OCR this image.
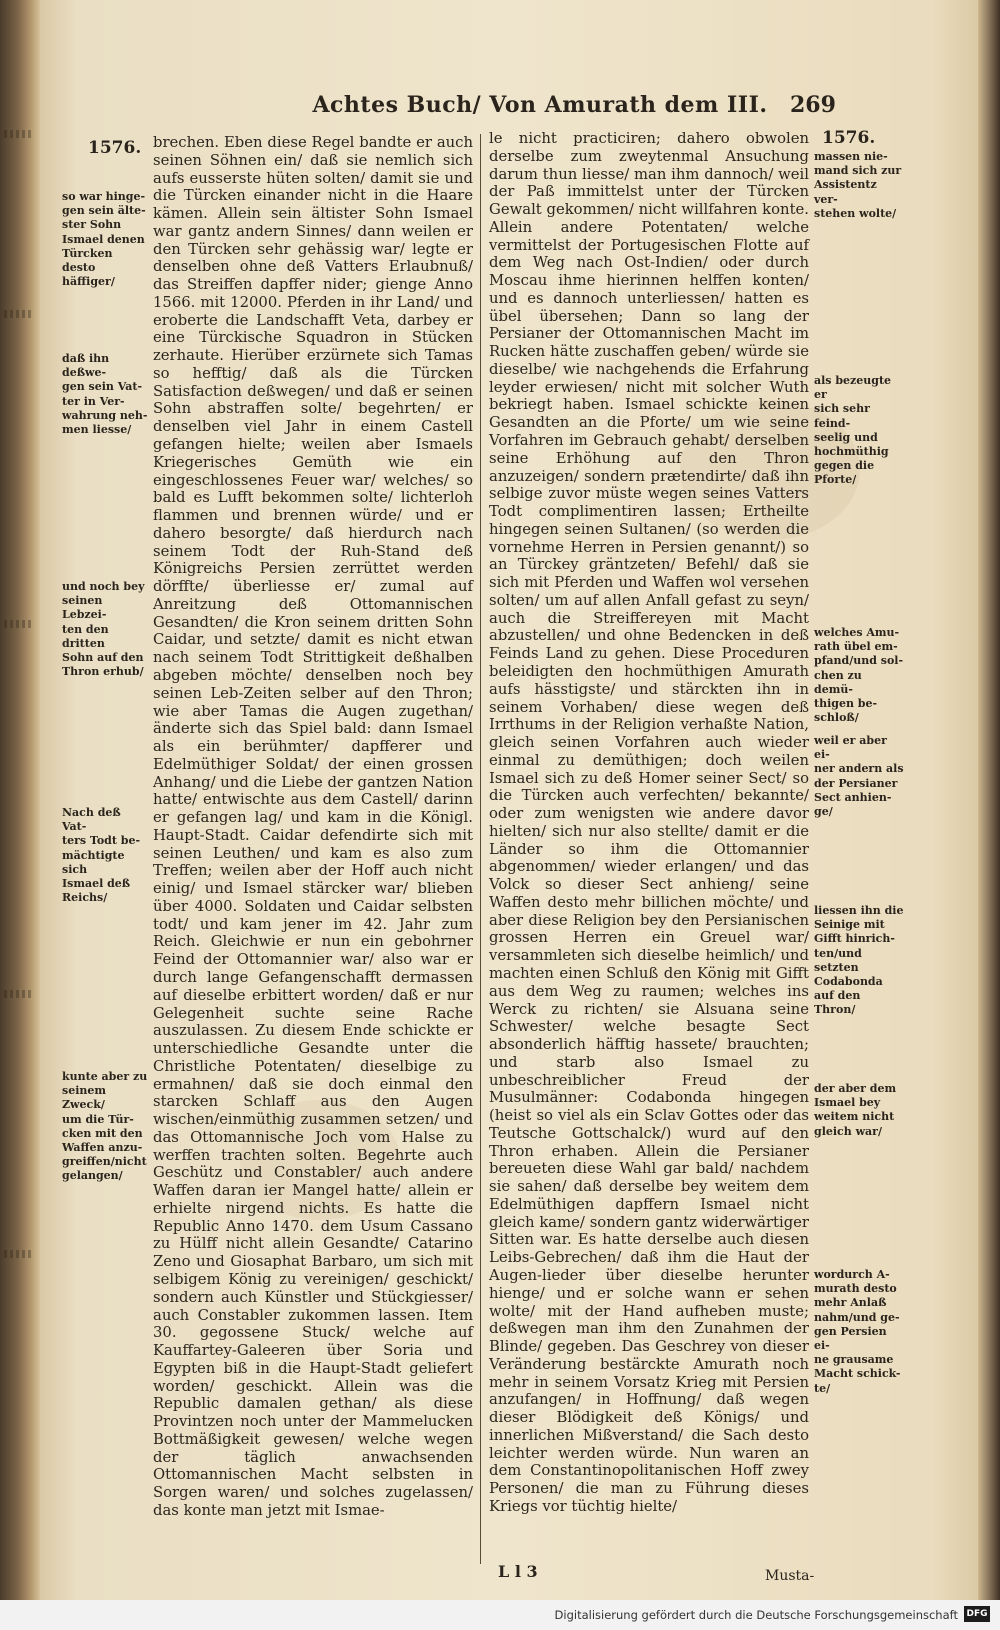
Achtes Buch/ Von Amurath dem III.	269
1576.	1576.
so war hinge-
gen sein älte-
ster Sohn
Ismael denen
Türcken desto
häffiger/
daß ihn deßwe-
gen sein Vat-
ter in Ver-
wahrung neh-
men liesse/
und noch bey
seinen Lebzei-
ten den dritten
Sohn auf den
Thron erhub/
Nach deß Vat-
ters Todt be-
mächtigte sich
Ismael deß
Reichs/
kunte aber zu
seinem Zweck/
um die Tür-
cken mit den
Waffen anzu-
greiffen/nicht
gelangen/
massen nie-
mand sich zur
Assistentz ver-
stehen wolte/
als bezeugte er
sich sehr feind-
seelig und
hochmüthig
gegen die
Pforte/
welches Amu-
rath übel em-
pfand/und sol-
chen zu demü-
thigen be-
schloß/
weil er aber ei-
ner andern als
der Persianer
Sect anhien-
ge/
liessen ihn die
Seinige mit
Gifft hinrich-
ten/und setzten
Codabonda
auf den Thron/
der aber dem
Ismael bey
weitem nicht
gleich war/
wordurch A-
murath desto
mehr Anlaß
nahm/und ge-
gen Persien ei-
ne grausame
Macht schick-
te/

brechen. Eben diese Regel bandte er auch seinen Söhnen ein/ daß sie nemlich sich aufs eusserste hüten solten/ damit sie und die Türcken einander nicht in die Haare kämen. Allein sein ältister Sohn Ismael war gantz andern Sinnes/ dann weilen er den Türcken sehr gehässig war/ legte er denselben ohne deß Vatters Erlaubnuß/ das Streiffen dapffer nider; gienge Anno 1566. mit 12000. Pferden in ihr Land/ und eroberte die Landschafft Veta, darbey er eine Türckische Squadron in Stücken zerhaute. Hierüber erzürnete sich Tamas so hefftig/ daß als die Türcken Satisfaction deßwegen/ und daß er seinen Sohn abstraffen solte/ begehrten/ er denselben viel Jahr in einem Castell gefangen hielte; weilen aber Ismaels Kriegerisches Gemüth wie ein eingeschlossenes Feuer war/ welches/ so bald es Lufft bekommen solte/ lichterloh flammen und brennen würde/ und er dahero besorgte/ daß hierdurch nach seinem Todt der Ruh-Stand deß Königreichs Persien zerrüttet werden dörffte/ überliesse er/ zumal auf Anreitzung deß Ottomannischen Gesandten/ die Kron seinem dritten Sohn Caidar, und setzte/ damit es nicht etwan nach seinem Todt Strittigkeit deßhalben abgeben möchte/ denselben noch bey seinen Leb-Zeiten selber auf den Thron; wie aber Tamas die Augen zugethan/ änderte sich das Spiel bald: dann Ismael als ein berühmter/ dapfferer und Edelmüthiger Soldat/ der einen grossen Anhang/ und die Liebe der gantzen Nation hatte/ entwischte aus dem Castell/ darinn er gefangen lag/ und kam in die Königl. Haupt-Stadt. Caidar defendirte sich mit seinen Leuthen/ und kam es also zum Treffen; weilen aber der Hoff auch nicht einig/ und Ismael stärcker war/ blieben über 4000. Soldaten und Caidar selbsten todt/ und kam jener im 42. Jahr zum Reich. Gleichwie er nun ein gebohrner Feind der Ottomannier war/ also war er durch lange Gefangenschafft dermassen auf dieselbe erbittert worden/ daß er nur Gelegenheit suchte seine Rache auszulassen. Zu diesem Ende schickte er unterschiedliche Gesandte unter die Christliche Potentaten/ dieselbige zu ermahnen/ daß sie doch einmal den starcken Schlaff aus den Augen wischen/einmüthig zusammen setzen/ und das Ottomannische Joch vom Halse zu werffen trachten solten. Begehrte auch Geschütz und Constabler/ auch andere Waffen daran ier Mangel hatte/ allein er erhielte nirgend nichts. Es hatte die Republic Anno 1470. dem Usum Cassano zu Hülff nicht allein Gesandte/ Catarino Zeno und Giosaphat Barbaro, um sich mit selbigem König zu vereinigen/ geschickt/ sondern auch Künstler und Stückgiesser/ auch Constabler zukommen lassen. Item 30. gegossene Stuck/ welche auf Kauffartey-Galeeren über Soria und Egypten biß in die Haupt-Stadt geliefert worden/ geschickt. Allein was die Republic damalen gethan/ als diese Provintzen noch unter der Mammelucken Bottmäßigkeit gewesen/ welche wegen der täglich anwachsenden Ottomannischen Macht selbsten in Sorgen waren/ und solches zugelassen/ das konte man jetzt mit Ismae-

le nicht practiciren; dahero obwolen derselbe zum zweytenmal Ansuchung darum thun liesse/ man ihm dannoch/ weil der Paß immittelst unter der Türcken Gewalt gekommen/ nicht willfahren konte. Allein andere Potentaten/ welche vermittelst der Portugesischen Flotte auf dem Weg nach Ost-Indien/ oder durch Moscau ihme hierinnen helffen konten/ und es dannoch unterliessen/ hatten es übel übersehen; Dann so lang der Persianer der Ottomannischen Macht im Rucken hätte zuschaffen geben/ würde sie dieselbe/ wie nachgehends die Erfahrung leyder erwiesen/ nicht mit solcher Wuth bekriegt haben. Ismael schickte keinen Gesandten an die Pforte/ um wie seine Vorfahren im Gebrauch gehabt/ derselben seine Erhöhung auf den Thron anzuzeigen/ sondern prætendirte/ daß ihn selbige zuvor müste wegen seines Vatters Todt complimentiren lassen; Ertheilte hingegen seinen Sultanen/ (so werden die vornehme Herren in Persien genannt/) so an Türckey gräntzeten/ Befehl/ daß sie sich mit Pferden und Waffen wol versehen solten/ um auf allen Anfall gefast zu seyn/ auch die Streiffereyen mit Macht abzustellen/ und ohne Bedencken in deß Feinds Land zu gehen. Diese Proceduren beleidigten den hochmüthigen Amurath aufs hässtigste/ und stärckten ihn in seinem Vorhaben/ diese wegen deß Irrthums in der Religion verhaßte Nation, gleich seinen Vorfahren auch wieder einmal zu demüthigen; doch weilen Ismael sich zu deß Homer seiner Sect/ so die Türcken auch verfechten/ bekannte/ oder zum wenigsten wie andere davor hielten/ sich nur also stellte/ damit er die Länder so ihm die Ottomannier abgenommen/ wieder erlangen/ und das Volck so dieser Sect anhieng/ seine Waffen desto mehr billichen möchte/ und aber diese Religion bey den Persianischen grossen Herren ein Greuel war/ versammleten sich dieselbe heimlich/ und machten einen Schluß den König mit Gifft aus dem Weg zu raumen; welches ins Werck zu richten/ sie Alsuana seine Schwester/ welche besagte Sect absonderlich häfftig hassete/ brauchten; und starb also Ismael zu unbeschreiblicher Freud der Musulmänner: Codabonda hingegen (heist so viel als ein Sclav Gottes oder das Teutsche Gottschalck/) wurd auf den Thron erhaben. Allein die Persianer bereueten diese Wahl gar bald/ nachdem sie sahen/ daß derselbe bey weitem dem Edelmüthigen dapffern Ismael nicht gleich kame/ sondern gantz widerwärtiger Sitten war. Es hatte derselbe auch diesen Leibs-Gebrechen/ daß ihm die Haut der Augen-lieder über dieselbe herunter hienge/ und er solche wann er sehen wolte/ mit der Hand aufheben muste; deßwegen man ihm den Zunahmen der Blinde/ gegeben. Das Geschrey von dieser Veränderung bestärckte Amurath noch mehr in seinem Vorsatz Krieg mit Persien anzufangen/ in Hoffnung/ daß wegen dieser Blödigkeit deß Königs/ und innerlichen Mißverstand/ die Sach desto leichter werden würde. Nun waren an dem Constantinopolitanischen Hoff zwey Personen/ die man zu Führung dieses Kriegs vor tüchtig hielte/

L l 3	Musta-
Digitalisierung gefördert durch die Deutsche Forschungsgemeinschaft DFG
